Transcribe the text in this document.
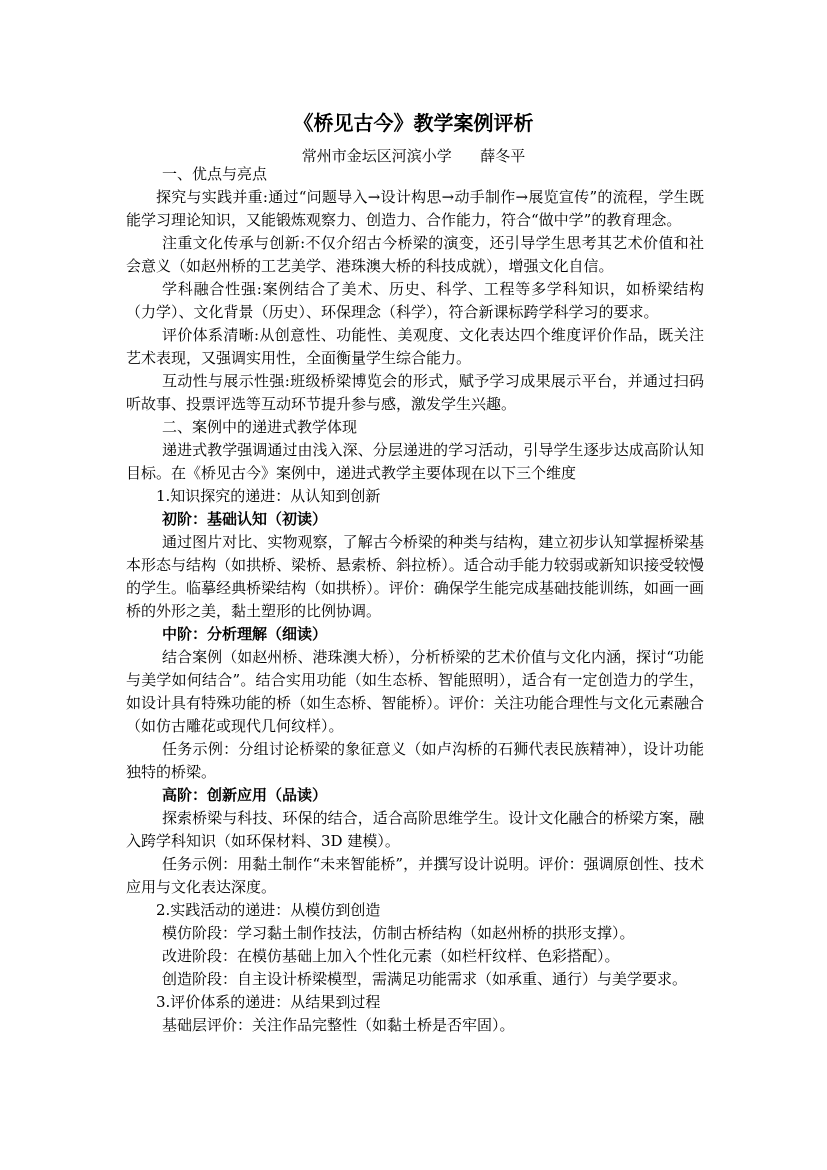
《桥见古今》教学案例评析
常州市金坛区河滨小学      薛冬平

一、优点与亮点

探究与实践并重:通过“问题导入→设计构思→动手制作→展览宣传”的流程，学生既能学习理论知识，又能锻炼观察力、创造力、合作能力，符合“做中学”的教育理念。

注重文化传承与创新:不仅介绍古今桥梁的演变，还引导学生思考其艺术价值和社会意义（如赵州桥的工艺美学、港珠澳大桥的科技成就），增强文化自信。

学科融合性强:案例结合了美术、历史、科学、工程等多学科知识，如桥梁结构（力学）、文化背景（历史）、环保理念（科学），符合新课标跨学科学习的要求。

评价体系清晰:从创意性、功能性、美观度、文化表达四个维度评价作品，既关注艺术表现，又强调实用性，全面衡量学生综合能力。

互动性与展示性强:班级桥梁博览会的形式，赋予学习成果展示平台，并通过扫码听故事、投票评选等互动环节提升参与感，激发学生兴趣。

二、案例中的递进式教学体现

递进式教学强调通过由浅入深、分层递进的学习活动，引导学生逐步达成高阶认知目标。在《桥见古今》案例中，递进式教学主要体现在以下三个维度

1.知识探究的递进：从认知到创新

初阶：基础认知（初读）

通过图片对比、实物观察，了解古今桥梁的种类与结构，建立初步认知掌握桥梁基本形态与结构（如拱桥、梁桥、悬索桥、斜拉桥）。适合动手能力较弱或新知识接受较慢的学生。临摹经典桥梁结构（如拱桥）。评价：确保学生能完成基础技能训练，如画一画桥的外形之美，黏土塑形的比例协调。

中阶：分析理解（细读）

结合案例（如赵州桥、港珠澳大桥），分析桥梁的艺术价值与文化内涵，探讨“功能与美学如何结合”。结合实用功能（如生态桥、智能照明），适合有一定创造力的学生，如设计具有特殊功能的桥（如生态桥、智能桥）。评价：关注功能合理性与文化元素融合（如仿古雕花或现代几何纹样）。

任务示例：分组讨论桥梁的象征意义（如卢沟桥的石狮代表民族精神），设计功能独特的桥梁。

高阶：创新应用（品读）

探索桥梁与科技、环保的结合，适合高阶思维学生。设计文化融合的桥梁方案，融入跨学科知识（如环保材料、3D 建模）。

任务示例：用黏土制作“未来智能桥”，并撰写设计说明。评价：强调原创性、技术应用与文化表达深度。

2.实践活动的递进：从模仿到创造

模仿阶段：学习黏土制作技法，仿制古桥结构（如赵州桥的拱形支撑）。

改进阶段：在模仿基础上加入个性化元素（如栏杆纹样、色彩搭配）。

创造阶段：自主设计桥梁模型，需满足功能需求（如承重、通行）与美学要求。

3.评价体系的递进：从结果到过程

基础层评价：关注作品完整性（如黏土桥是否牢固）。
